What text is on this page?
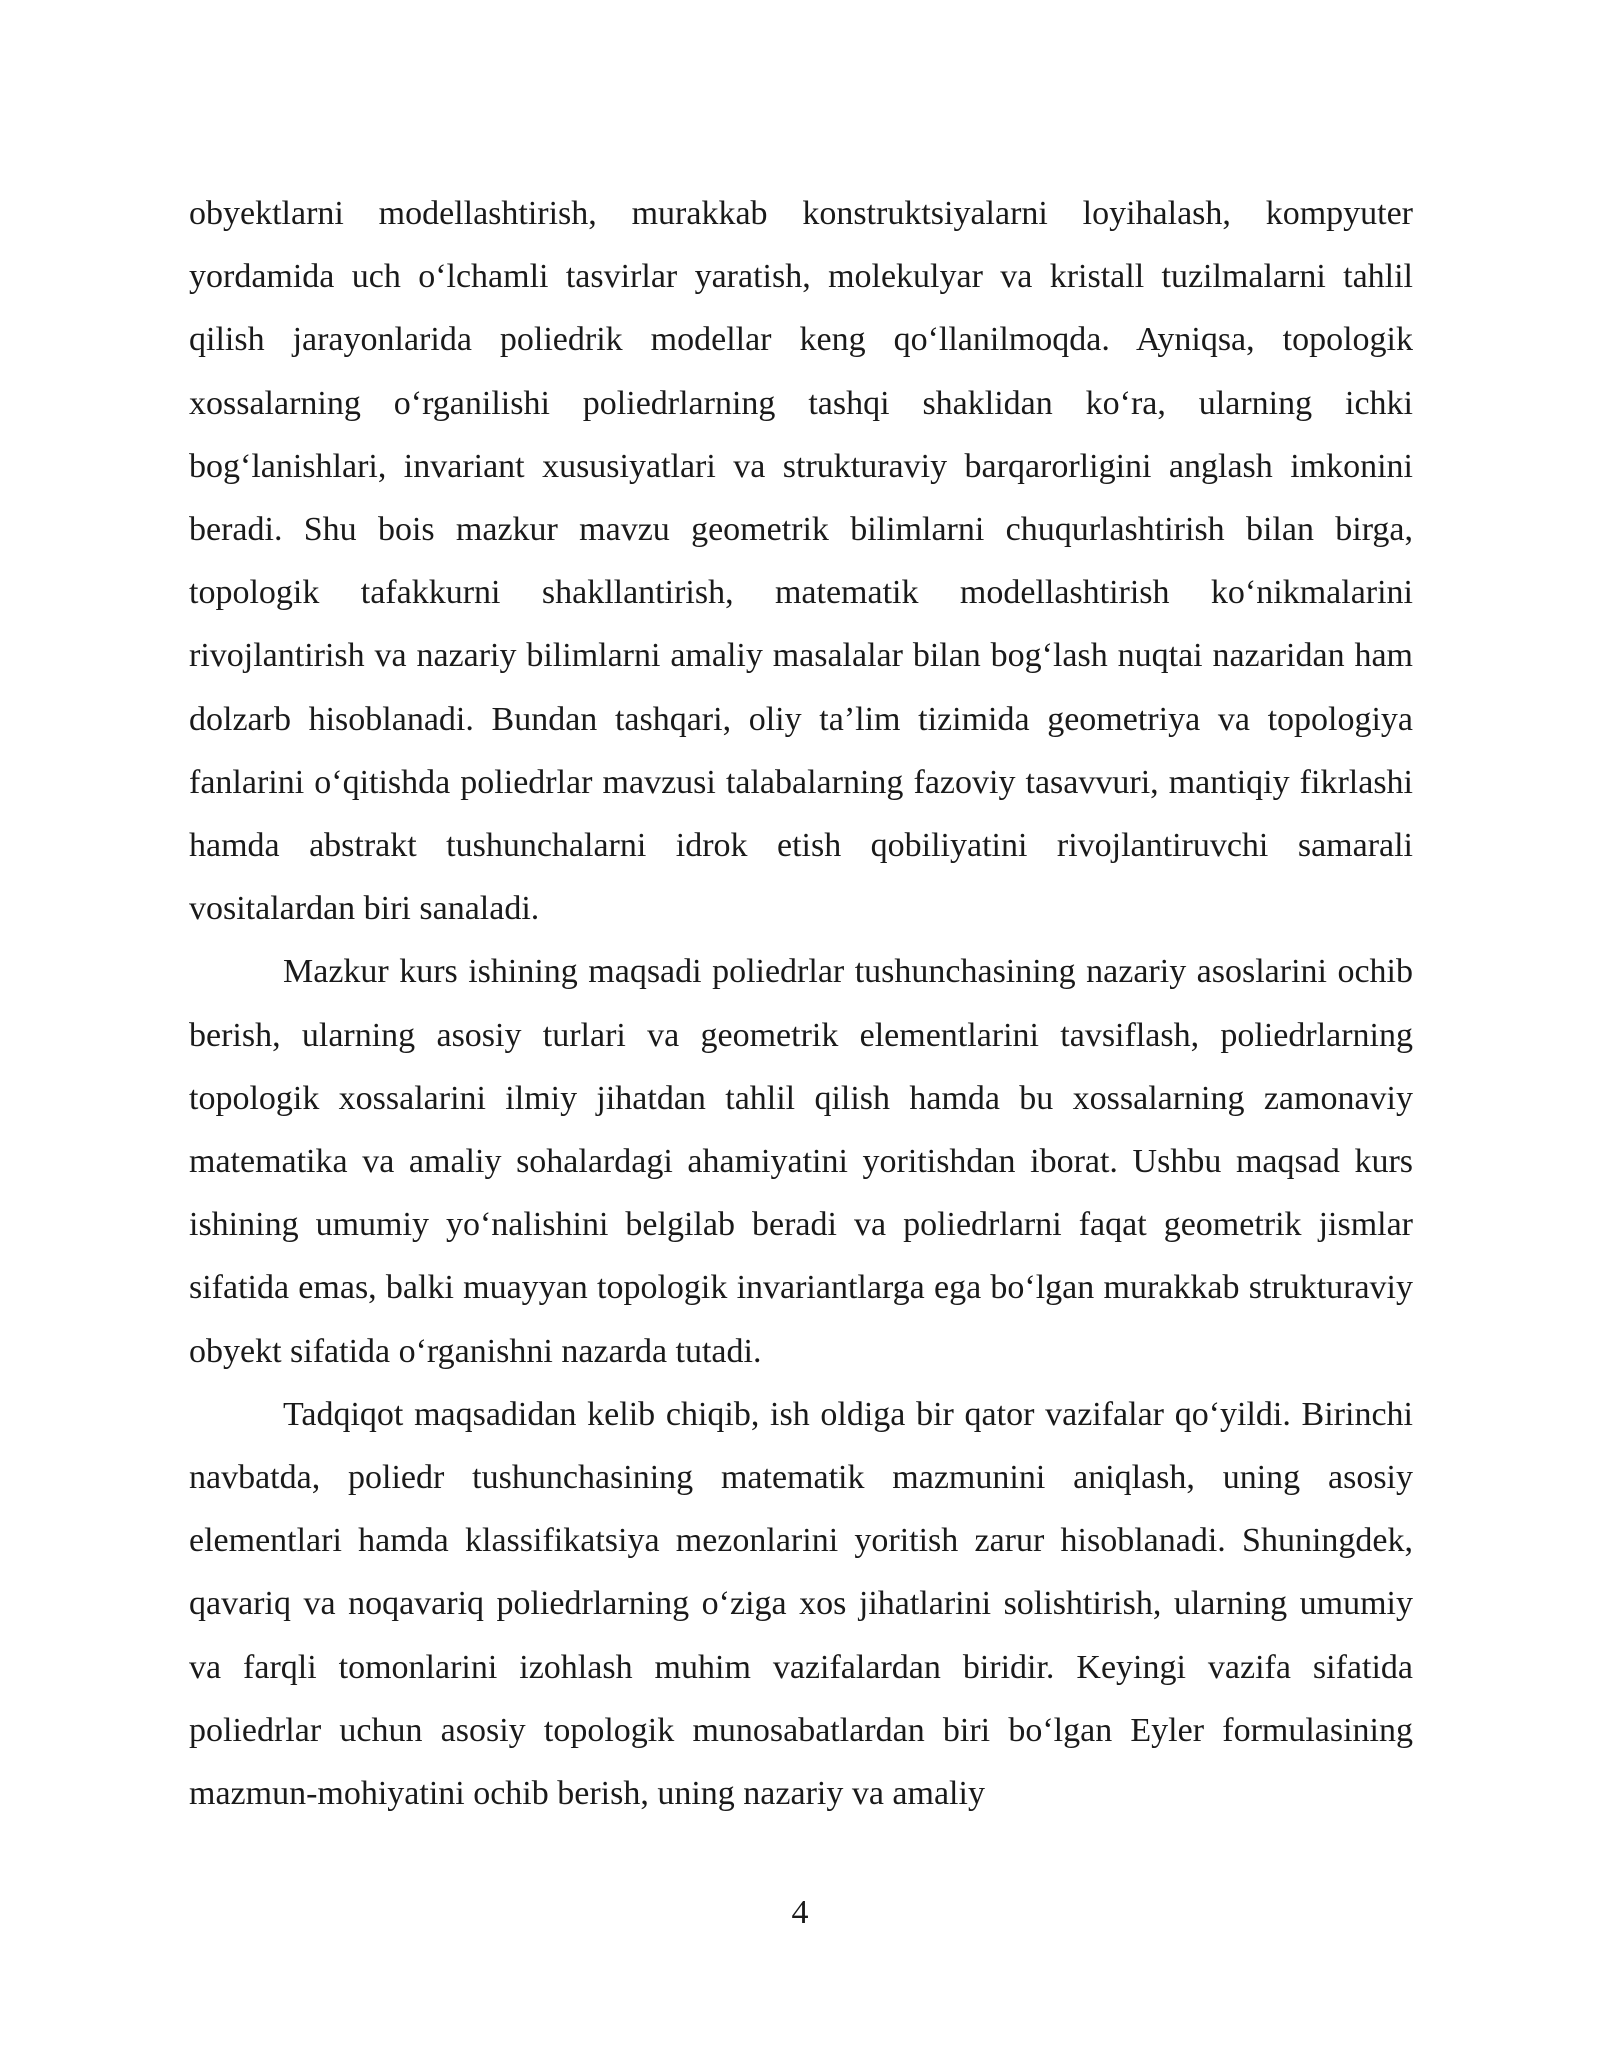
obyektlarni modellashtirish, murakkab konstruktsiyalarni loyihalash, kompyuter yordamida uch o‘lchamli tasvirlar yaratish, molekulyar va kristall tuzilmalarni tahlil qilish jarayonlarida poliedrik modellar keng qo‘llanilmoqda. Ayniqsa, topologik xossalarning o‘rganilishi poliedrlarning tashqi shaklidan ko‘ra, ularning ichki bog‘lanishlari, invariant xususiyatlari va strukturaviy barqarorligini anglash imkonini beradi. Shu bois mazkur mavzu geometrik bilimlarni chuqurlashtirish bilan birga, topologik tafakkurni shakllantirish, matematik modellashtirish ko‘nikmalarini rivojlantirish va nazariy bilimlarni amaliy masalalar bilan bog‘lash nuqtai nazaridan ham dolzarb hisoblanadi. Bundan tashqari, oliy ta’lim tizimida geometriya va topologiya fanlarini o‘qitishda poliedrlar mavzusi talabalarning fazoviy tasavvuri, mantiqiy fikrlashi hamda abstrakt tushunchalarni idrok etish qobiliyatini rivojlantiruvchi samarali vositalardan biri sanaladi.

Mazkur kurs ishining maqsadi poliedrlar tushunchasining nazariy asoslarini ochib berish, ularning asosiy turlari va geometrik elementlarini tavsiflash, poliedrlarning topologik xossalarini ilmiy jihatdan tahlil qilish hamda bu xossalarning zamonaviy matematika va amaliy sohalardagi ahamiyatini yoritishdan iborat. Ushbu maqsad kurs ishining umumiy yo‘nalishini belgilab beradi va poliedrlarni faqat geometrik jismlar sifatida emas, balki muayyan topologik invariantlarga ega bo‘lgan murakkab strukturaviy obyekt sifatida o‘rganishni nazarda tutadi.

Tadqiqot maqsadidan kelib chiqib, ish oldiga bir qator vazifalar qo‘yildi. Birinchi navbatda, poliedr tushunchasining matematik mazmunini aniqlash, uning asosiy elementlari hamda klassifikatsiya mezonlarini yoritish zarur hisoblanadi. Shuningdek, qavariq va noqavariq poliedrlarning o‘ziga xos jihatlarini solishtirish, ularning umumiy va farqli tomonlarini izohlash muhim vazifalardan biridir. Keyingi vazifa sifatida poliedrlar uchun asosiy topologik munosabatlardan biri bo‘lgan Eyler formulasining mazmun-mohiyatini ochib berish, uning nazariy va amaliy

4
